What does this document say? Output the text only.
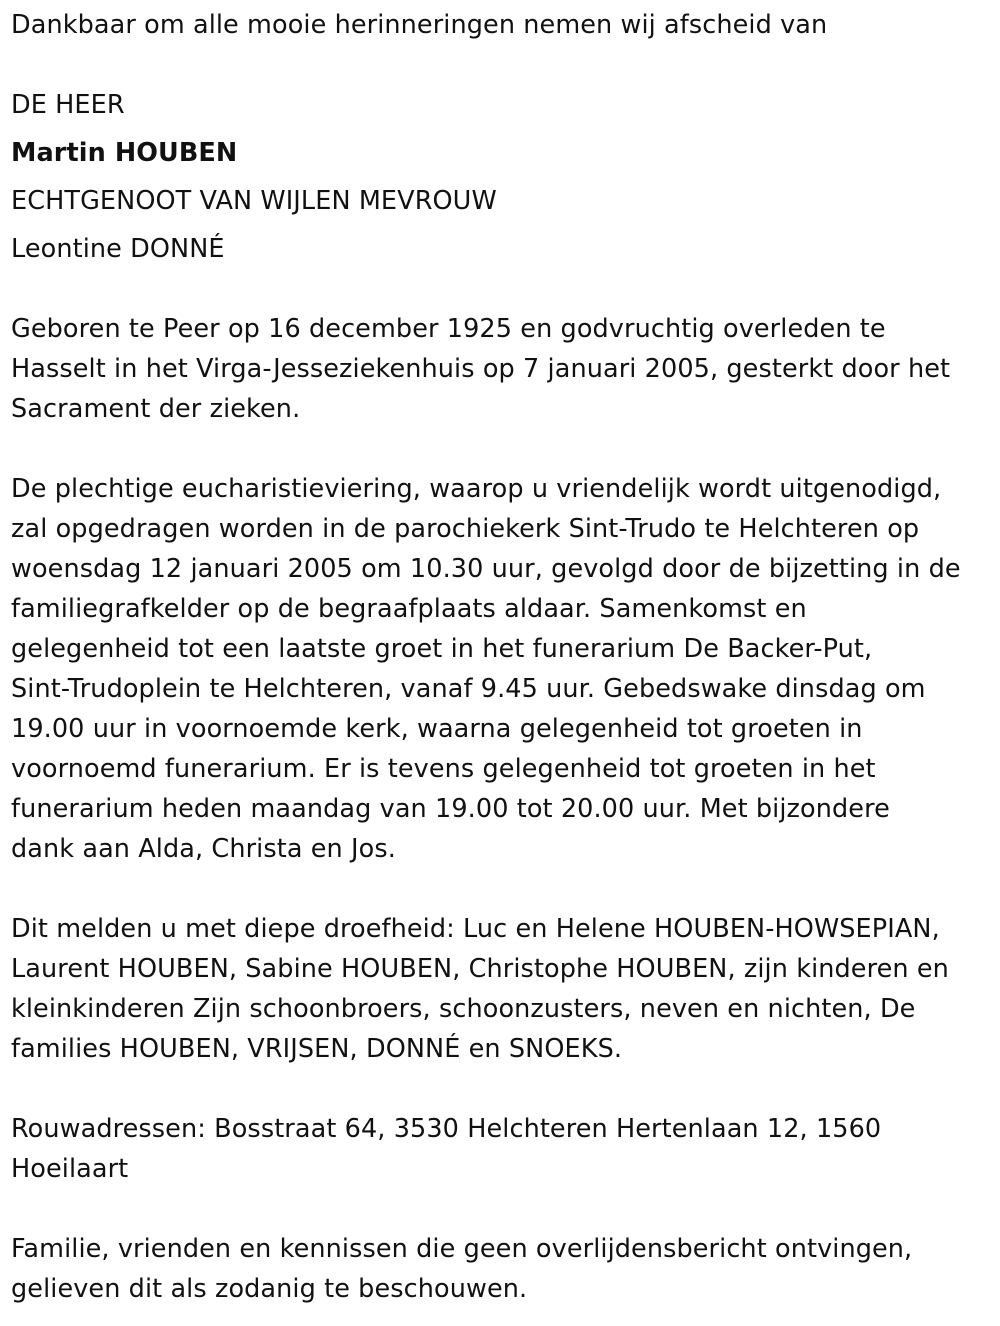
Dankbaar om alle mooie herinneringen nemen wij afscheid van

DE HEER

Martin HOUBEN

ECHTGENOOT VAN WIJLEN MEVROUW

Leontine DONNÉ

Geboren te Peer op 16 december 1925 en godvruchtig overleden te

Hasselt in het Virga-Jesseziekenhuis op 7 januari 2005, gesterkt door het

Sacrament der zieken.

De plechtige eucharistieviering, waarop u vriendelijk wordt uitgenodigd,

zal opgedragen worden in de parochiekerk Sint-Trudo te Helchteren op

woensdag 12 januari 2005 om 10.30 uur, gevolgd door de bijzetting in de

familiegrafkelder op de begraafplaats aldaar. Samenkomst en

gelegenheid tot een laatste groet in het funerarium De Backer-Put,

Sint-Trudoplein te Helchteren, vanaf 9.45 uur. Gebedswake dinsdag om

19.00 uur in voornoemde kerk, waarna gelegenheid tot groeten in

voornoemd funerarium. Er is tevens gelegenheid tot groeten in het

funerarium heden maandag van 19.00 tot 20.00 uur. Met bijzondere

dank aan Alda, Christa en Jos.

Dit melden u met diepe droefheid: Luc en Helene HOUBEN-HOWSEPIAN,

Laurent HOUBEN, Sabine HOUBEN, Christophe HOUBEN, zijn kinderen en

kleinkinderen Zijn schoonbroers, schoonzusters, neven en nichten, De

families HOUBEN, VRIJSEN, DONNÉ en SNOEKS.

Rouwadressen: Bosstraat 64, 3530 Helchteren Hertenlaan 12, 1560

Hoeilaart

Familie, vrienden en kennissen die geen overlijdensbericht ontvingen,

gelieven dit als zodanig te beschouwen.
